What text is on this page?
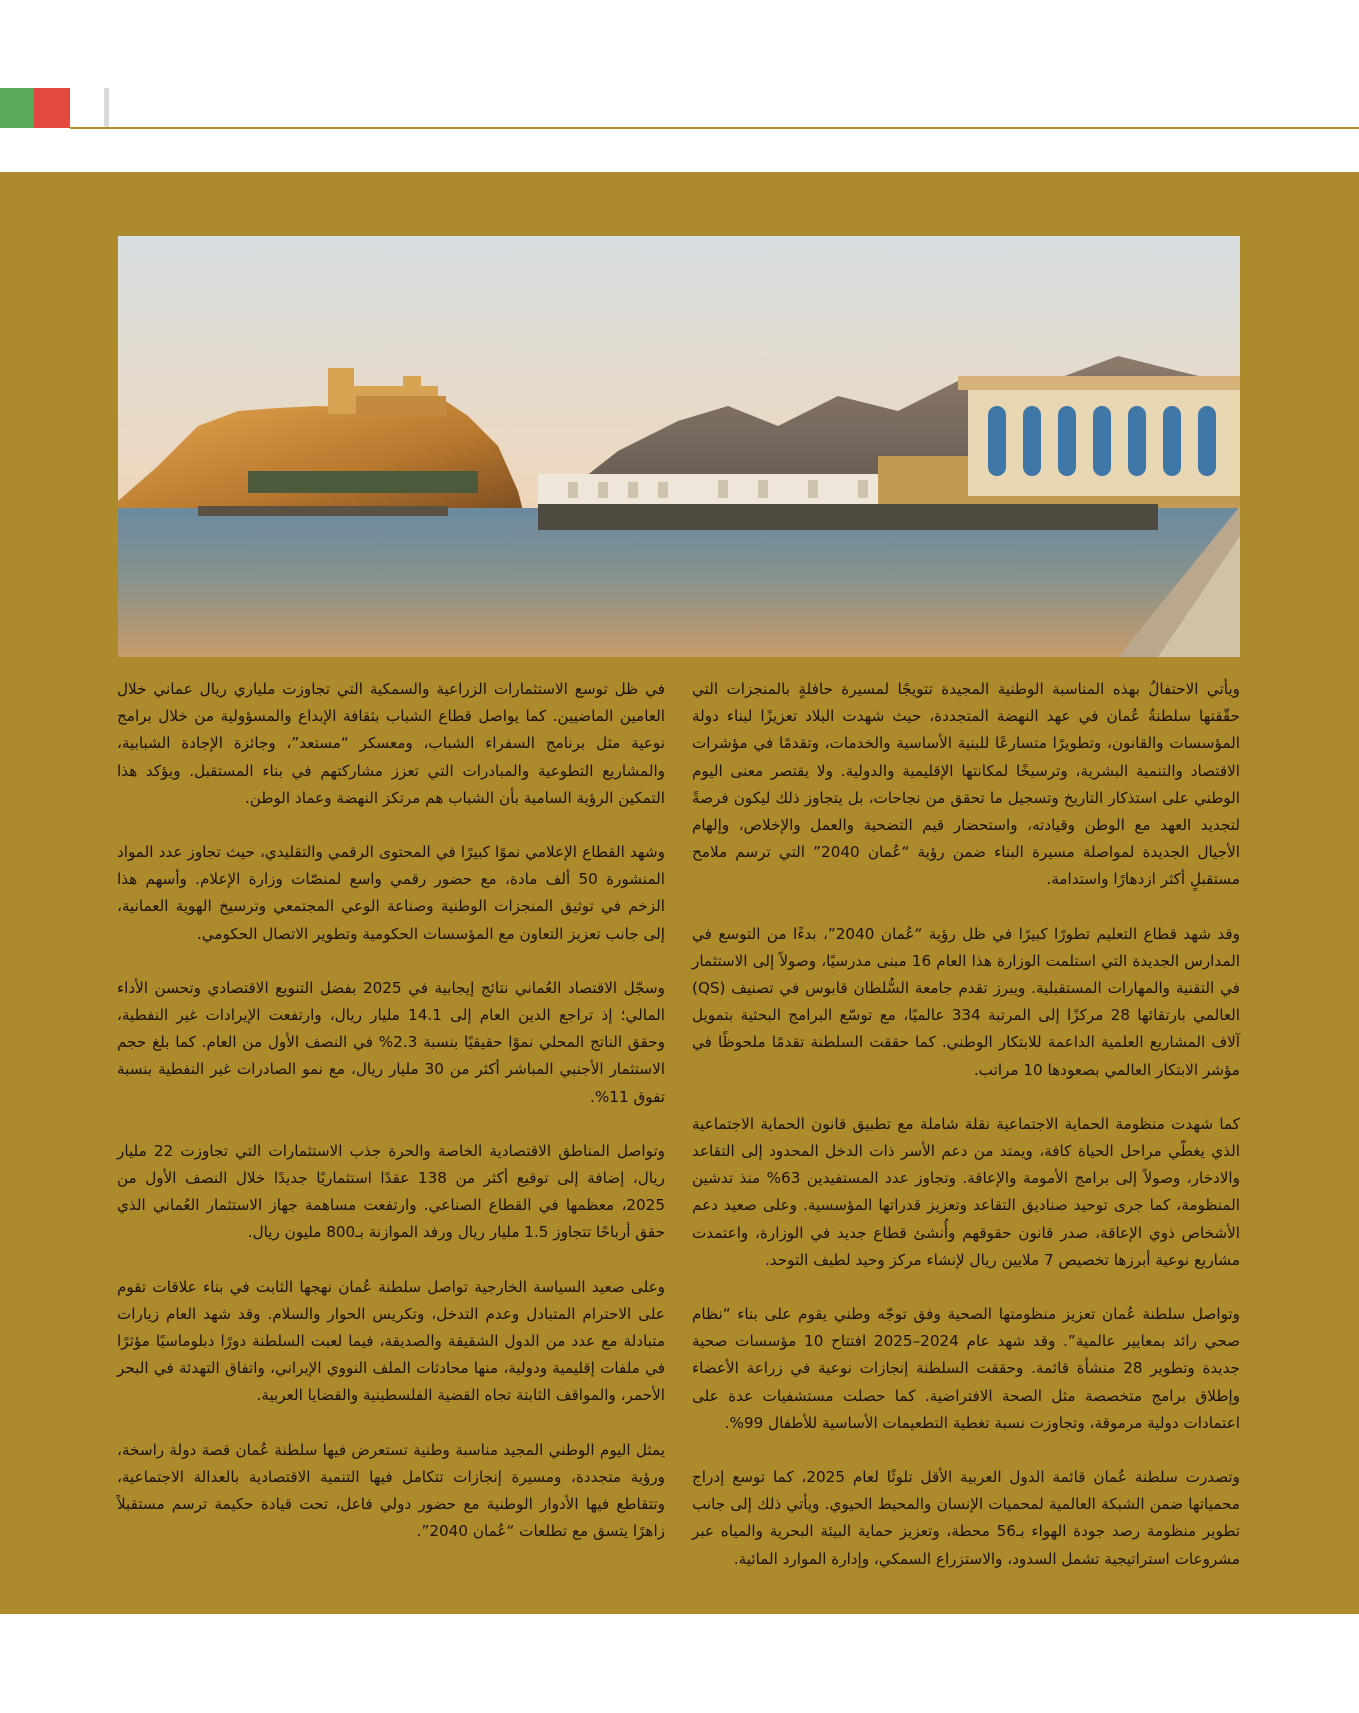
ويأتي الاحتفالُ بهذه المناسبة الوطنية المجيدة تتويجًا لمسيرة حافلةٍ بالمنجزات التي حقّقتها سلطنةُ عُمان في عهد النهضة المتجددة، حيث شهدت البلاد تعزيزًا لبناء دولة المؤسسات والقانون، وتطويرًا متسارعًا للبنية الأساسية والخدمات، وتقدمًا في مؤشرات الاقتصاد والتنمية البشرية، وترسيخًا لمكانتها الإقليمية والدولية. ولا يقتصر معنى اليوم الوطني على استذكار التاريخ وتسجيل ما تحقق من نجاحات، بل يتجاوز ذلك ليكون فرصةً لتجديد العهد مع الوطن وقيادته، واستحضار قيم التضحية والعمل والإخلاص، وإلهام الأجيال الجديدة لمواصلة مسيرة البناء ضمن رؤية “عُمان 2040” التي ترسم ملامح مستقبلٍ أكثر ازدهارًا واستدامة.

وقد شهد قطاع التعليم تطورًا كبيرًا في ظل رؤية “عُمان 2040”، بدءًا من التوسع في المدارس الجديدة التي استلمت الوزارة هذا العام 16 مبنى مدرسيًا، وصولاً إلى الاستثمار في التقنية والمهارات المستقبلية. ويبرز تقدم جامعة السُّلطان قابوس في تصنيف (QS) العالمي بارتقائها 28 مركزًا إلى المرتبة 334 عالميًا، مع توسّع البرامج البحثية بتمويل آلاف المشاريع العلمية الداعمة للابتكار الوطني. كما حققت السلطنة تقدمًا ملحوظًا في مؤشر الابتكار العالمي بصعودها 10 مراتب.

كما شهدت منظومة الحماية الاجتماعية نقلة شاملة مع تطبيق قانون الحماية الاجتماعية الذي يغطّي مراحل الحياة كافة، ويمتد من دعم الأسر ذات الدخل المحدود إلى التقاعد والادخار، وصولاً إلى برامج الأمومة والإعاقة. وتجاوز عدد المستفيدين 63% منذ تدشين المنظومة، كما جرى توحيد صناديق التقاعد وتعزيز قدراتها المؤسسية. وعلى صعيد دعم الأشخاص ذوي الإعاقة، صدر قانون حقوقهم وأُنشئ قطاع جديد في الوزارة، واعتمدت مشاريع نوعية أبرزها تخصيص 7 ملايين ريال لإنشاء مركز وحيد لطيف التوحد.

وتواصل سلطنة عُمان تعزيز منظومتها الصحية وفق توجّه وطني يقوم على بناء “نظام صحي رائد بمعايير عالمية”. وقد شهد عام 2024–2025 افتتاح 10 مؤسسات صحية جديدة وتطوير 28 منشأة قائمة. وحققت السلطنة إنجازات نوعية في زراعة الأعضاء وإطلاق برامج متخصصة مثل الصحة الافتراضية. كما حصلت مستشفيات عدة على اعتمادات دولية مرموقة، وتجاوزت نسبة تغطية التطعيمات الأساسية للأطفال 99%.

وتصدرت سلطنة عُمان قائمة الدول العربية الأقل تلوثًا لعام 2025، كما توسع إدراج محمياتها ضمن الشبكة العالمية لمحميات الإنسان والمحيط الحيوي. ويأتي ذلك إلى جانب تطوير منظومة رصد جودة الهواء بـ56 محطة، وتعزيز حماية البيئة البحرية والمياه عبر مشروعات استراتيجية تشمل السدود، والاستزراع السمكي، وإدارة الموارد المائية.

في ظل توسع الاستثمارات الزراعية والسمكية التي تجاوزت ملياري ريال عماني خلال العامين الماضيين. كما يواصل قطاع الشباب بثقافة الإبداع والمسؤولية من خلال برامج نوعية مثل برنامج السفراء الشباب، ومعسكر “مستعد”، وجائزة الإجادة الشبابية، والمشاريع التطوعية والمبادرات التي تعزز مشاركتهم في بناء المستقبل. ويؤكد هذا التمكين الرؤية السامية بأن الشباب هم مرتكز النهضة وعماد الوطن.

وشهد القطاع الإعلامي نموًا كبيرًا في المحتوى الرقمي والتقليدي، حيث تجاوز عدد المواد المنشورة 50 ألف مادة، مع حضور رقمي واسع لمنصّات وزارة الإعلام. وأسهم هذا الزخم في توثيق المنجزات الوطنية وصناعة الوعي المجتمعي وترسيخ الهوية العمانية، إلى جانب تعزيز التعاون مع المؤسسات الحكومية وتطوير الاتصال الحكومي.

وسجّل الاقتصاد العُماني نتائج إيجابية في 2025 بفضل التنويع الاقتصادي وتحسن الأداء المالي؛ إذ تراجع الدين العام إلى 14.1 مليار ريال، وارتفعت الإيرادات غير النفطية، وحقق الناتج المحلي نموًا حقيقيًا بنسبة 2.3% في النصف الأول من العام. كما بلغ حجم الاستثمار الأجنبي المباشر أكثر من 30 مليار ريال، مع نمو الصادرات غير النفطية بنسبة تفوق 11%.

وتواصل المناطق الاقتصادية الخاصة والحرة جذب الاستثمارات التي تجاوزت 22 مليار ريال، إضافة إلى توقيع أكثر من 138 عقدًا استثماريًا جديدًا خلال النصف الأول من 2025، معظمها في القطاع الصناعي. وارتفعت مساهمة جهاز الاستثمار العُماني الذي حقق أرباحًا تتجاوز 1.5 مليار ريال ورفد الموازنة بـ800 مليون ريال.

وعلى صعيد السياسة الخارجية تواصل سلطنة عُمان نهجها الثابت في بناء علاقات تقوم على الاحترام المتبادل وعدم التدخل، وتكريس الحوار والسلام. وقد شهد العام زيارات متبادلة مع عدد من الدول الشقيقة والصديقة، فيما لعبت السلطنة دورًا دبلوماسيًا مؤثرًا في ملفات إقليمية ودولية، منها محادثات الملف النووي الإيراني، واتفاق التهدئة في البحر الأحمر، والمواقف الثابتة تجاه القضية الفلسطينية والقضايا العربية.

يمثل اليوم الوطني المجيد مناسبة وطنية تستعرض فيها سلطنة عُمان قصة دولة راسخة، ورؤية متجددة، ومسيرة إنجازات تتكامل فيها التنمية الاقتصادية بالعدالة الاجتماعية، وتتقاطع فيها الأدوار الوطنية مع حضور دولي فاعل، تحت قيادة حكيمة ترسم مستقبلاً زاهرًا يتسق مع تطلعات “عُمان 2040”.
